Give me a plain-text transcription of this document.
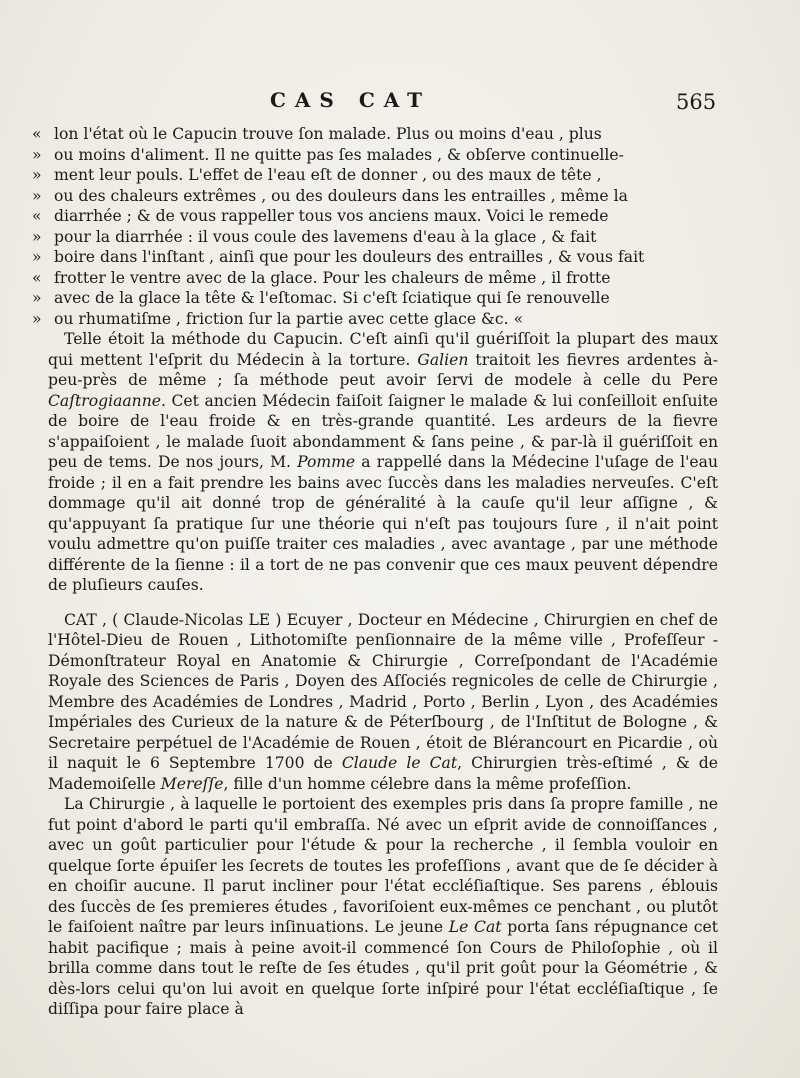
CAS CAT	565
« lon l'état où le Capucin trouve ſon malade. Plus ou moins d'eau , plus
» ou moins d'aliment. Il ne quitte pas ſes malades , & obſerve continuelle-
» ment leur pouls. L'effet de l'eau eſt de donner , ou des maux de tête ,
» ou des chaleurs extrêmes , ou des douleurs dans les entrailles , même la
« diarrhée ; & de vous rappeller tous vos anciens maux. Voici le remede
» pour la diarrhée : il vous coule des lavemens d'eau à la glace , & fait
» boire dans l'inſtant , ainſi que pour les douleurs des entrailles , & vous fait
« frotter le ventre avec de la glace. Pour les chaleurs de même , il frotte
» avec de la glace la tête & l'eſtomac. Si c'eſt ſciatique qui ſe renouvelle
» ou rhumatiſme , friction ſur la partie avec cette glace &c. «

Telle étoit la méthode du Capucin. C'eſt ainſi qu'il guériſſoit la plupart des maux qui mettent l'eſprit du Médecin à la torture. Galien traitoit les fievres ardentes à-peu-près de même ; ſa méthode peut avoir ſervi de modele à celle du Pere Caſtrogiaanne. Cet ancien Médecin faiſoit ſaigner le malade & lui conſeilloit enſuite de boire de l'eau froide & en très-grande quantité. Les ardeurs de la fievre s'appaiſoient , le malade ſuoit abondamment & ſans peine , & par-là il guériſſoit en peu de tems. De nos jours, M. Pomme a rappellé dans la Médecine l'uſage de l'eau froide ; il en a fait prendre les bains avec ſuccès dans les maladies nerveuſes. C'eſt dommage qu'il ait donné trop de généralité à la cauſe qu'il leur aſſigne , & qu'appuyant ſa pratique ſur une théorie qui n'eſt pas toujours ſure , il n'ait point voulu admettre qu'on puiſſe traiter ces maladies , avec avantage , par une méthode différente de la ſienne : il a tort de ne pas convenir que ces maux peuvent dépendre de pluſieurs cauſes.

CAT , ( Claude-Nicolas LE ) Ecuyer , Docteur en Médecine , Chirurgien en chef de l'Hôtel-Dieu de Rouen , Lithotomiſte penſionnaire de la même ville , Profeſſeur - Démonſtrateur Royal en Anatomie & Chirurgie , Correſpondant de l'Académie Royale des Sciences de Paris , Doyen des Aſſociés regnicoles de celle de Chirurgie , Membre des Académies de Londres , Madrid , Porto , Berlin , Lyon , des Académies Impériales des Curieux de la nature & de Péterſbourg , de l'Inſtitut de Bologne , & Secretaire perpétuel de l'Académie de Rouen , étoit de Blérancourt en Picardie , où il naquit le 6 Septembre 1700 de Claude le Cat, Chirurgien très-eſtimé , & de Mademoiſelle Mereſſe, fille d'un homme célebre dans la même profeſſion.

La Chirurgie , à laquelle le portoient des exemples pris dans ſa propre famille , ne fut point d'abord le parti qu'il embraſſa. Né avec un eſprit avide de connoiſſances , avec un goût particulier pour l'étude & pour la recherche , il ſembla vouloir en quelque ſorte épuiſer les ſecrets de toutes les profeſſions , avant que de ſe décider à en choiſir aucune. Il parut incliner pour l'état eccléſiaſtique. Ses parens , éblouis des ſuccès de ſes premieres études , favoriſoient eux-mêmes ce penchant , ou plutôt le faiſoient naître par leurs inſinuations. Le jeune Le Cat porta ſans répugnance cet habit pacifique ; mais à peine avoit-il commencé ſon Cours de Philoſophie , où il brilla comme dans tout le reſte de ſes études , qu'il prit goût pour la Géométrie , & dès-lors celui qu'on lui avoit en quelque ſorte inſpiré pour l'état eccléſiaſtique , ſe diſſipa pour faire place à
